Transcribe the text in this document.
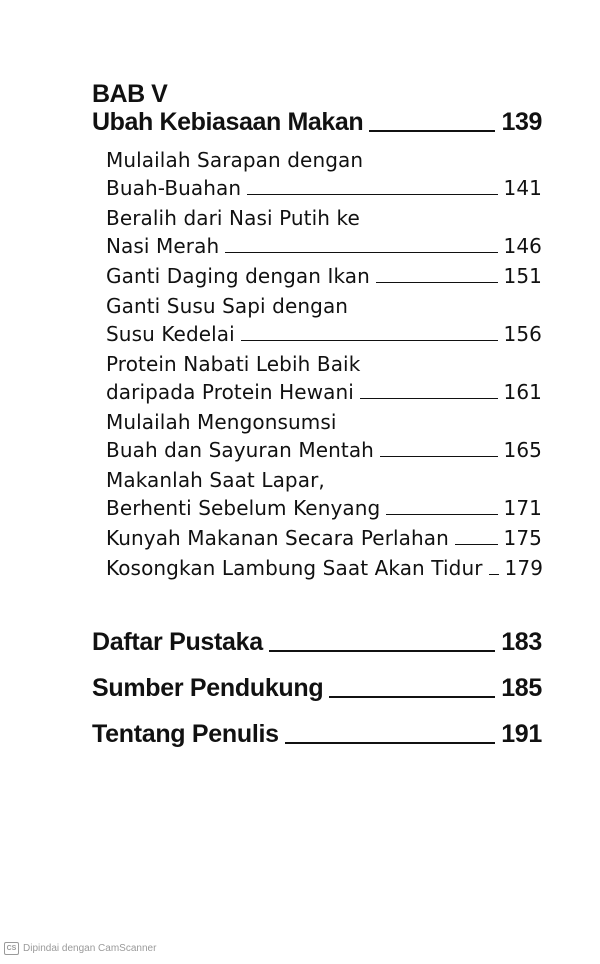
BAB V
Ubah Kebiasaan Makan	139
Mulailah Sarapan dengan
Buah-Buahan	141
Beralih dari Nasi Putih ke
Nasi Merah	146
Ganti Daging dengan Ikan	151
Ganti Susu Sapi dengan
Susu Kedelai	156
Protein Nabati Lebih Baik
daripada Protein Hewani	161
Mulailah Mengonsumsi
Buah dan Sayuran Mentah	165
Makanlah Saat Lapar,
Berhenti Sebelum Kenyang	171
Kunyah Makanan Secara Perlahan	175
Kosongkan Lambung Saat Akan Tidur 179
Daftar Pustaka	183
Sumber Pendukung	185
Tentang Penulis	191
CS Dipindai dengan CamScanner
